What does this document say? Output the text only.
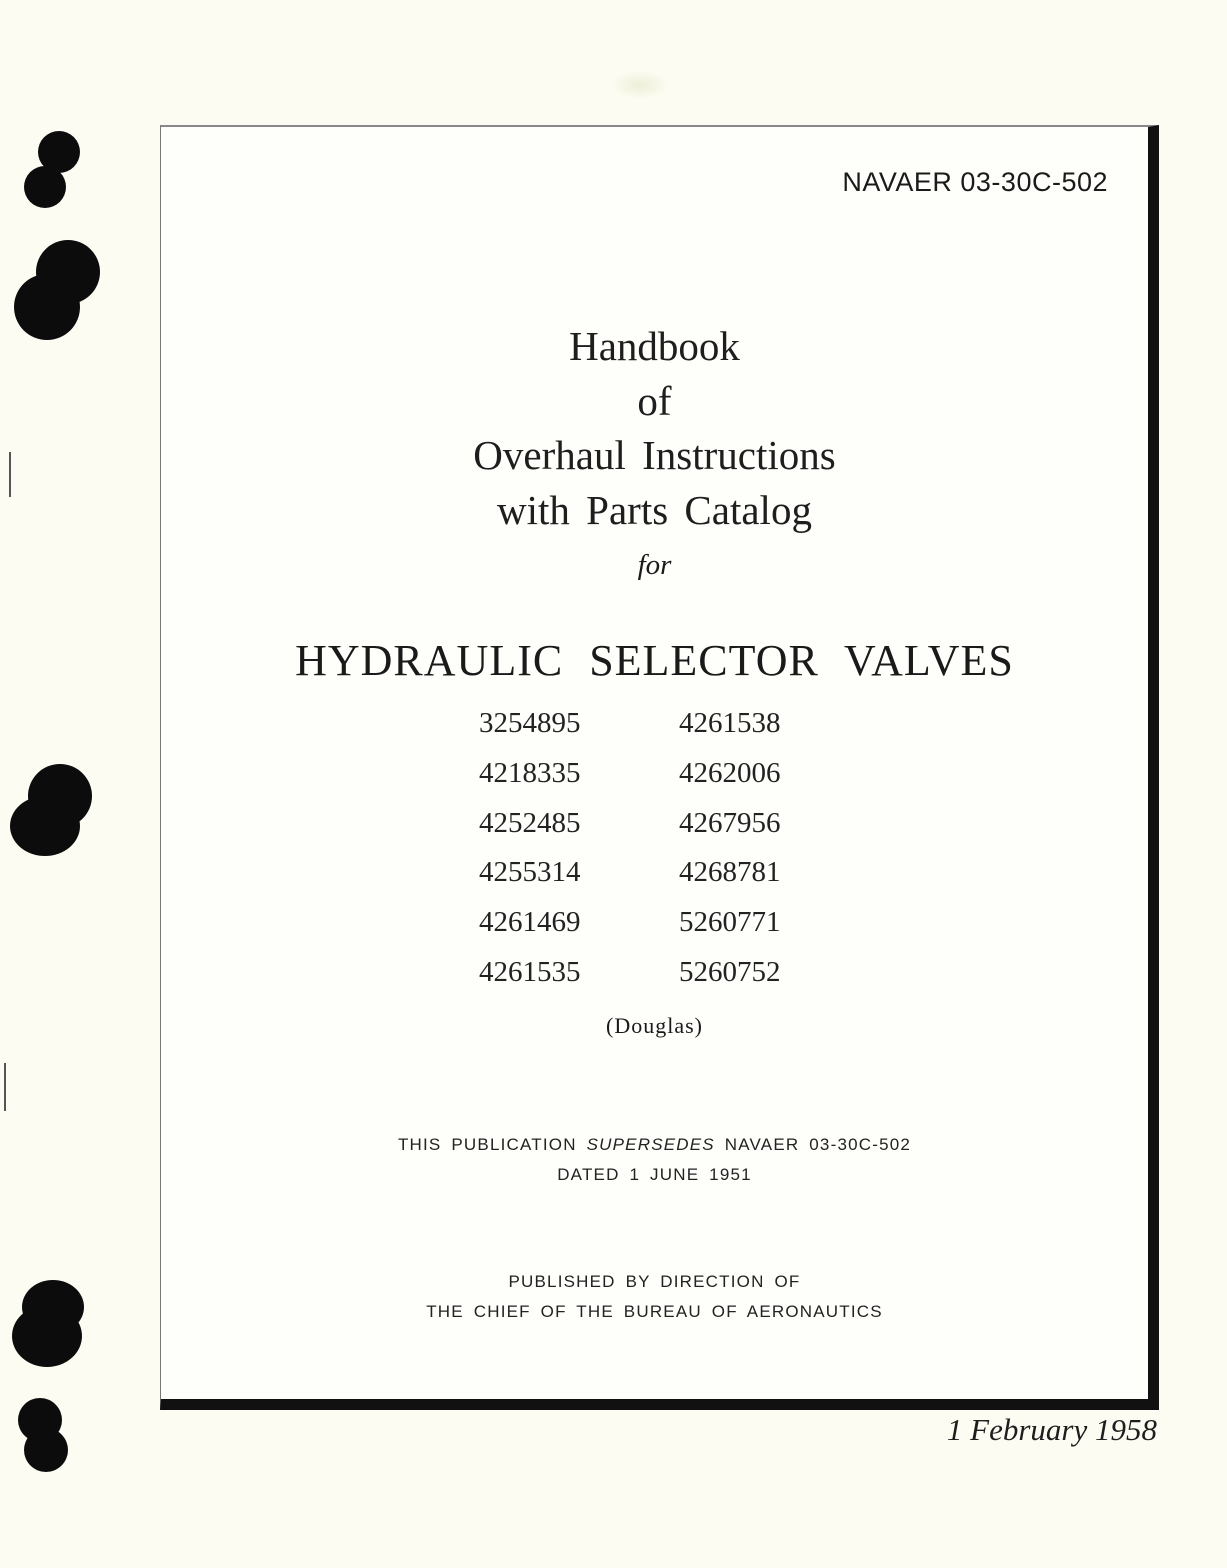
NAVAER 03-30C-502
Handbook
of
Overhaul Instructions
with Parts Catalog
for
HYDRAULIC SELECTOR VALVES
3254895	4261538
4218335	4262006
4252485	4267956
4255314	4268781
4261469	5260771
4261535	5260752
(Douglas)
THIS PUBLICATION SUPERSEDES NAVAER 03-30C-502
DATED 1 JUNE 1951
PUBLISHED BY DIRECTION OF
THE CHIEF OF THE BUREAU OF AERONAUTICS
1 February 1958
